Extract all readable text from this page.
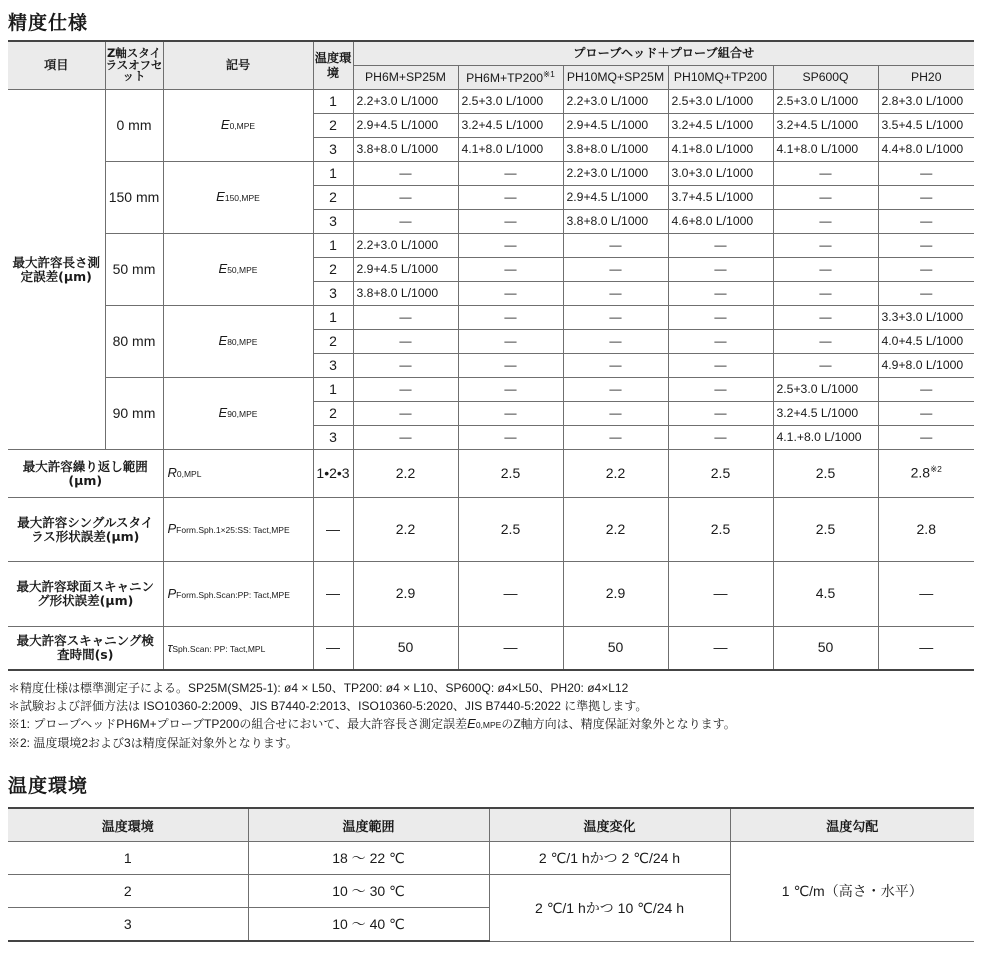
精度仕様
項目	Z軸スタイラスオフセット	記号	温度環境	プローブヘッド＋プローブ組合せ					
				PH6M+SP25M	$PH6M+TP200^{※1}$	PH10MQ+SP25M	PH10MQ+TP200	SP600Q	PH20
最大許容長さ測定誤差(μm)	0 mm	E0,MPE	1	2.2+3.0 L/1000	2.5+3.0 L/1000	2.2+3.0 L/1000	2.5+3.0 L/1000	2.5+3.0 L/1000	2.8+3.0 L/1000
			2	2.9+4.5 L/1000	3.2+4.5 L/1000	2.9+4.5 L/1000	3.2+4.5 L/1000	3.2+4.5 L/1000	3.5+4.5 L/1000
			3	3.8+8.0 L/1000	4.1+8.0 L/1000	3.8+8.0 L/1000	4.1+8.0 L/1000	4.1+8.0 L/1000	4.4+8.0 L/1000
	150 mm	E150,MPE	1	—	—	2.2+3.0 L/1000	3.0+3.0 L/1000	—	—
			2	—	—	2.9+4.5 L/1000	3.7+4.5 L/1000	—	—
			3	—	—	3.8+8.0 L/1000	4.6+8.0 L/1000	—	—
	50 mm	E50,MPE	1	2.2+3.0 L/1000	—	—	—	—	—
			2	2.9+4.5 L/1000	—	—	—	—	—
			3	3.8+8.0 L/1000	—	—	—	—	—
	80 mm	E80,MPE	1	—	—	—	—	—	3.3+3.0 L/1000
			2	—	—	—	—	—	4.0+4.5 L/1000
			3	—	—	—	—	—	4.9+8.0 L/1000
	90 mm	E90,MPE	1	—	—	—	—	2.5+3.0 L/1000	—
			2	—	—	—	—	3.2+4.5 L/1000	—
			3	—	—	—	—	4.1.+8.0 L/1000	—
最大許容繰り返し範囲(μm)		R0,MPL	1•2•3	2.2	2.5	2.2	2.5	2.5	2.8$^{※2}$
最大許容シングルスタイラス形状誤差(μm)		PForm.Sph.1×25:SS: Tact,MPE	—	2.2	2.5	2.2	2.5	2.5	2.8
最大許容球面スキャニング形状誤差(μm)		PForm.Sph.Scan:PP: Tact,MPE	—	2.9	—	2.9	—	4.5	—
最大許容スキャニング検査時間(s)		τSph.Scan: PP: Tact,MPL	—	50	—	50	—	50	—
＊精度仕様は標準測定子による。SP25M(SM25-1): ø4 × L50、TP200: ø4 × L10、SP600Q: ø4×L50、PH20: ø4×L12
＊試験および評価方法は ISO10360-2:2009、JIS B7440-2:2013、ISO10360-5:2020、JIS B7440-5:2022 に準拠します。
※1: プローブヘッドPH6M+プローブTP200の組合せにおいて、最大許容長さ測定誤差E0,MPEのZ軸方向は、精度保証対象外となります。
※2: 温度環境2および3は精度保証対象外となります。
温度環境
温度環境	温度範囲	温度変化	温度勾配
1	18 ～ 22 ℃	2 ℃/1 hかつ 2 ℃/24 h	1 ℃/m（高さ・水平）
2	10 ～ 30 ℃	2 ℃/1 hかつ 10 ℃/24 h	
3	10 ～ 40 ℃		
